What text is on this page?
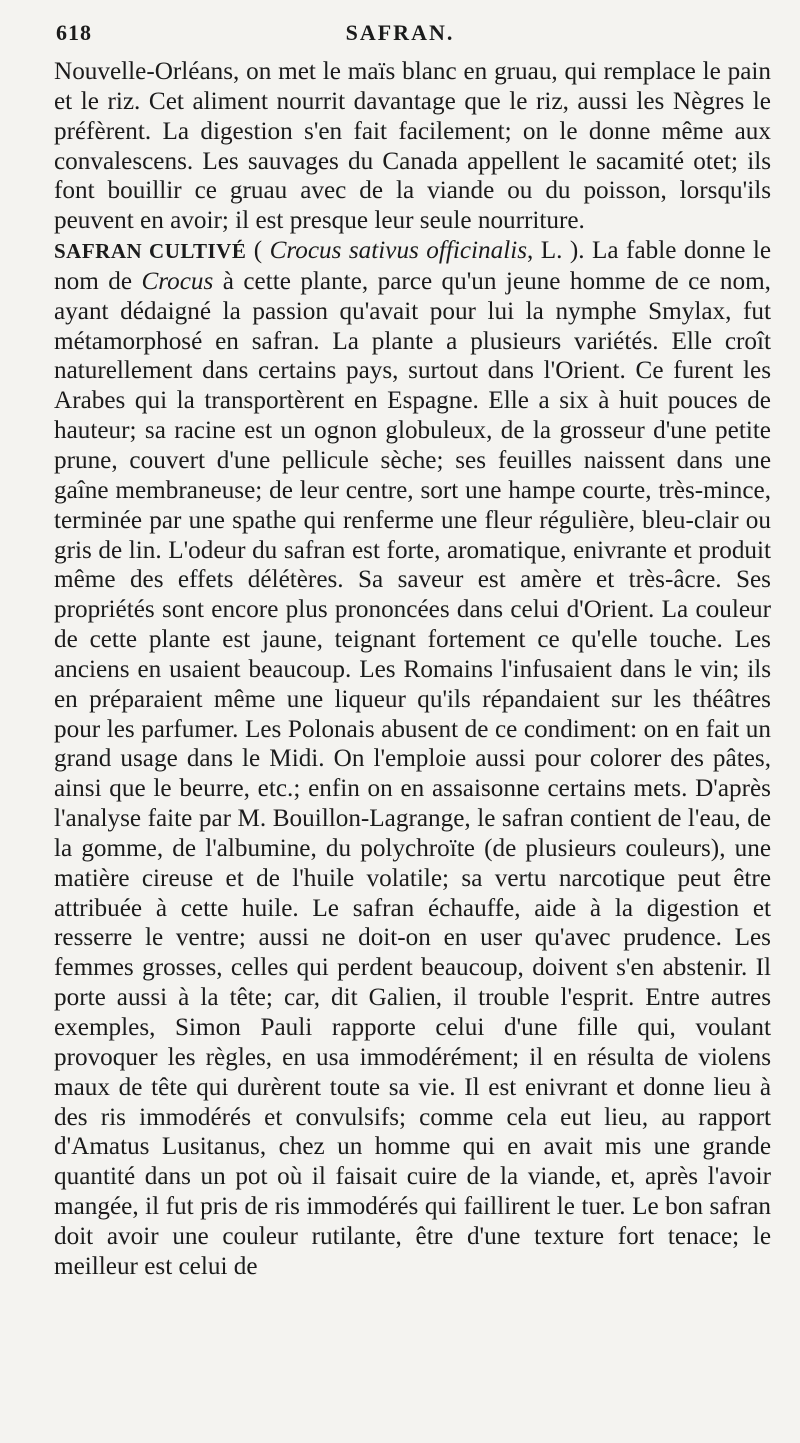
618	SAFRAN.

Nouvelle-Orléans, on met le maïs blanc en gruau, qui remplace le pain et le riz. Cet aliment nourrit davantage que le riz, aussi les Nègres le préfèrent. La digestion s'en fait facilement; on le donne même aux convalescens. Les sauvages du Canada appellent le sacamité otet; ils font bouillir ce gruau avec de la viande ou du poisson, lorsqu'ils peuvent en avoir; il est presque leur seule nourriture.

SAFRAN CULTIVÉ ( Crocus sativus officinalis, L. ). La fable donne le nom de Crocus à cette plante, parce qu'un jeune homme de ce nom, ayant dédaigné la passion qu'avait pour lui la nymphe Smylax, fut métamorphosé en safran. La plante a plusieurs variétés. Elle croît naturellement dans certains pays, surtout dans l'Orient. Ce furent les Arabes qui la transportèrent en Espagne. Elle a six à huit pouces de hauteur; sa racine est un ognon globuleux, de la grosseur d'une petite prune, couvert d'une pellicule sèche; ses feuilles naissent dans une gaîne membraneuse; de leur centre, sort une hampe courte, très-mince, terminée par une spathe qui renferme une fleur régulière, bleu-clair ou gris de lin. L'odeur du safran est forte, aromatique, enivrante et produit même des effets délétères. Sa saveur est amère et très-âcre. Ses propriétés sont encore plus prononcées dans celui d'Orient. La couleur de cette plante est jaune, teignant fortement ce qu'elle touche. Les anciens en usaient beaucoup. Les Romains l'infusaient dans le vin; ils en préparaient même une liqueur qu'ils répandaient sur les théâtres pour les parfumer. Les Polonais abusent de ce condiment: on en fait un grand usage dans le Midi. On l'emploie aussi pour colorer des pâtes, ainsi que le beurre, etc.; enfin on en assaisonne certains mets. D'après l'analyse faite par M. Bouillon-Lagrange, le safran contient de l'eau, de la gomme, de l'albumine, du polychroïte (de plusieurs couleurs), une matière cireuse et de l'huile volatile; sa vertu narcotique peut être attribuée à cette huile. Le safran échauffe, aide à la digestion et resserre le ventre; aussi ne doit-on en user qu'avec prudence. Les femmes grosses, celles qui perdent beaucoup, doivent s'en abstenir. Il porte aussi à la tête; car, dit Galien, il trouble l'esprit. Entre autres exemples, Simon Pauli rapporte celui d'une fille qui, voulant provoquer les règles, en usa immodérément; il en résulta de violens maux de tête qui durèrent toute sa vie. Il est enivrant et donne lieu à des ris immodérés et convulsifs; comme cela eut lieu, au rapport d'Amatus Lusitanus, chez un homme qui en avait mis une grande quantité dans un pot où il faisait cuire de la viande, et, après l'avoir mangée, il fut pris de ris immodérés qui faillirent le tuer. Le bon safran doit avoir une couleur rutilante, être d'une texture fort tenace; le meilleur est celui de
